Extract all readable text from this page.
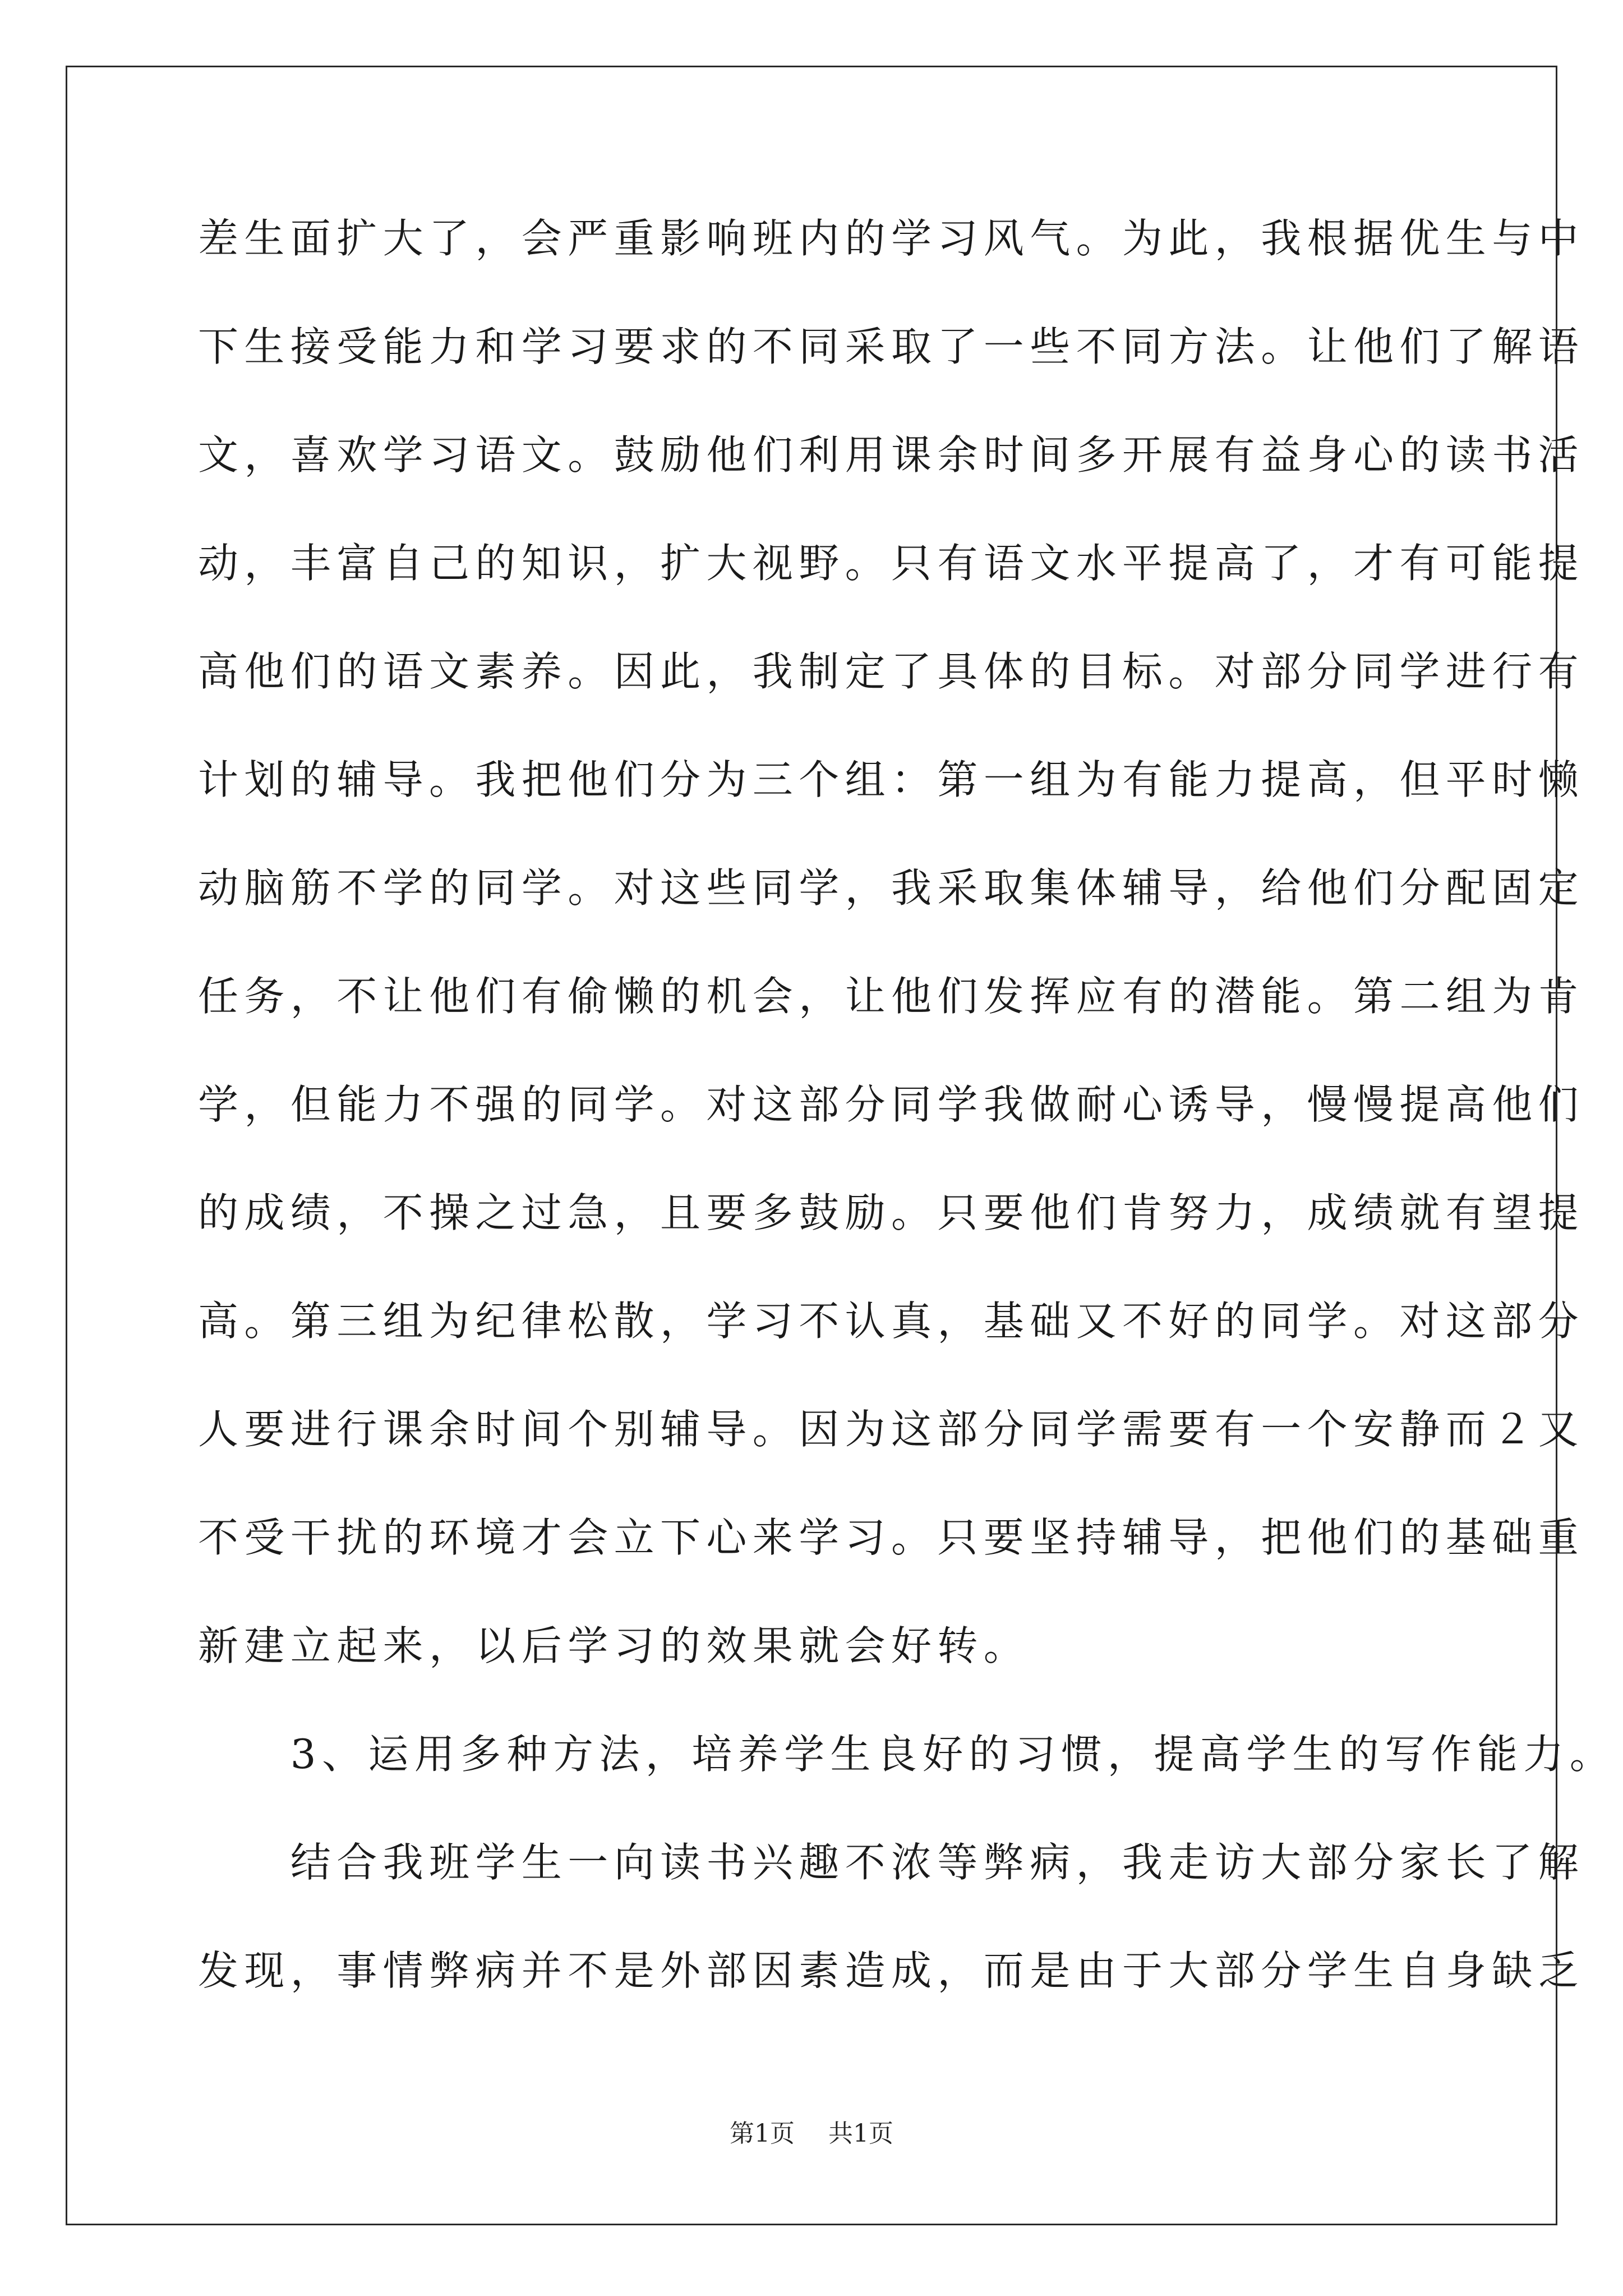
差生面扩大了，会严重影响班内的学习风气。为此，我根据优生与中
下生接受能力和学习要求的不同采取了一些不同方法。让他们了解语
文，喜欢学习语文。鼓励他们利用课余时间多开展有益身心的读书活
动，丰富自己的知识，扩大视野。只有语文水平提高了，才有可能提
高他们的语文素养。因此，我制定了具体的目标。对部分同学进行有
计划的辅导。我把他们分为三个组：第一组为有能力提高，但平时懒
动脑筋不学的同学。对这些同学，我采取集体辅导，给他们分配固定
任务，不让他们有偷懒的机会，让他们发挥应有的潜能。第二组为肯
学，但能力不强的同学。对这部分同学我做耐心诱导，慢慢提高他们
的成绩，不操之过急，且要多鼓励。只要他们肯努力，成绩就有望提
高。第三组为纪律松散，学习不认真，基础又不好的同学。对这部分
人要进行课余时间个别辅导。因为这部分同学需要有一个安静而２又
不受干扰的环境才会立下心来学习。只要坚持辅导，把他们的基础重
新建立起来，以后学习的效果就会好转。
　　3、运用多种方法，培养学生良好的习惯，提高学生的写作能力。
　　结合我班学生一向读书兴趣不浓等弊病，我走访大部分家长了解
发现，事情弊病并不是外部因素造成，而是由于大部分学生自身缺乏
第1页 共1页
